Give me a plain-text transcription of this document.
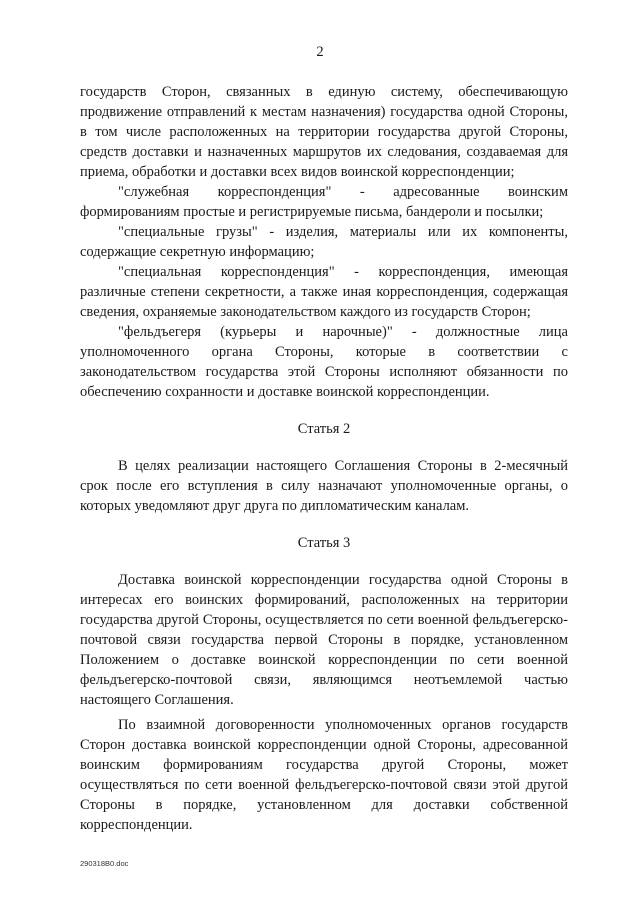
2

государств Сторон, связанных в единую систему, обеспечивающую продвижение отправлений к местам назначения) государства одной Стороны, в том числе расположенных на территории государства другой Стороны, средств доставки и назначенных маршрутов их следования, создаваемая для приема, обработки и доставки всех видов воинской корреспонденции;

"служебная корреспонденция" - адресованные воинским формированиям простые и регистрируемые письма, бандероли и посылки;

"специальные грузы" - изделия, материалы или их компоненты, содержащие секретную информацию;

"специальная корреспонденция" - корреспонденция, имеющая различные степени секретности, а также иная корреспонденция, содержащая сведения, охраняемые законодательством каждого из государств Сторон;

"фельдъегеря (курьеры и нарочные)" - должностные лица уполномоченного органа Стороны, которые в соответствии с законодательством государства этой Стороны исполняют обязанности по обеспечению сохранности и доставке воинской корреспонденции.

Статья 2

В целях реализации настоящего Соглашения Стороны в 2-месячный срок после его вступления в силу назначают уполномоченные органы, о которых уведомляют друг друга по дипломатическим каналам.

Статья 3

Доставка воинской корреспонденции государства одной Стороны в интересах его воинских формирований, расположенных на территории государства другой Стороны, осуществляется по сети военной фельдъегерско-почтовой связи государства первой Стороны в порядке, установленном Положением о доставке воинской корреспонденции по сети военной фельдъегерско-почтовой связи, являющимся неотъемлемой частью настоящего Соглашения.

По взаимной договоренности уполномоченных органов государств Сторон доставка воинской корреспонденции одной Стороны, адресованной воинским формированиям государства другой Стороны, может осуществляться по сети военной фельдъегерско-почтовой связи этой другой Стороны в порядке, установленном для доставки собственной корреспонденции.

290318B0.doc
